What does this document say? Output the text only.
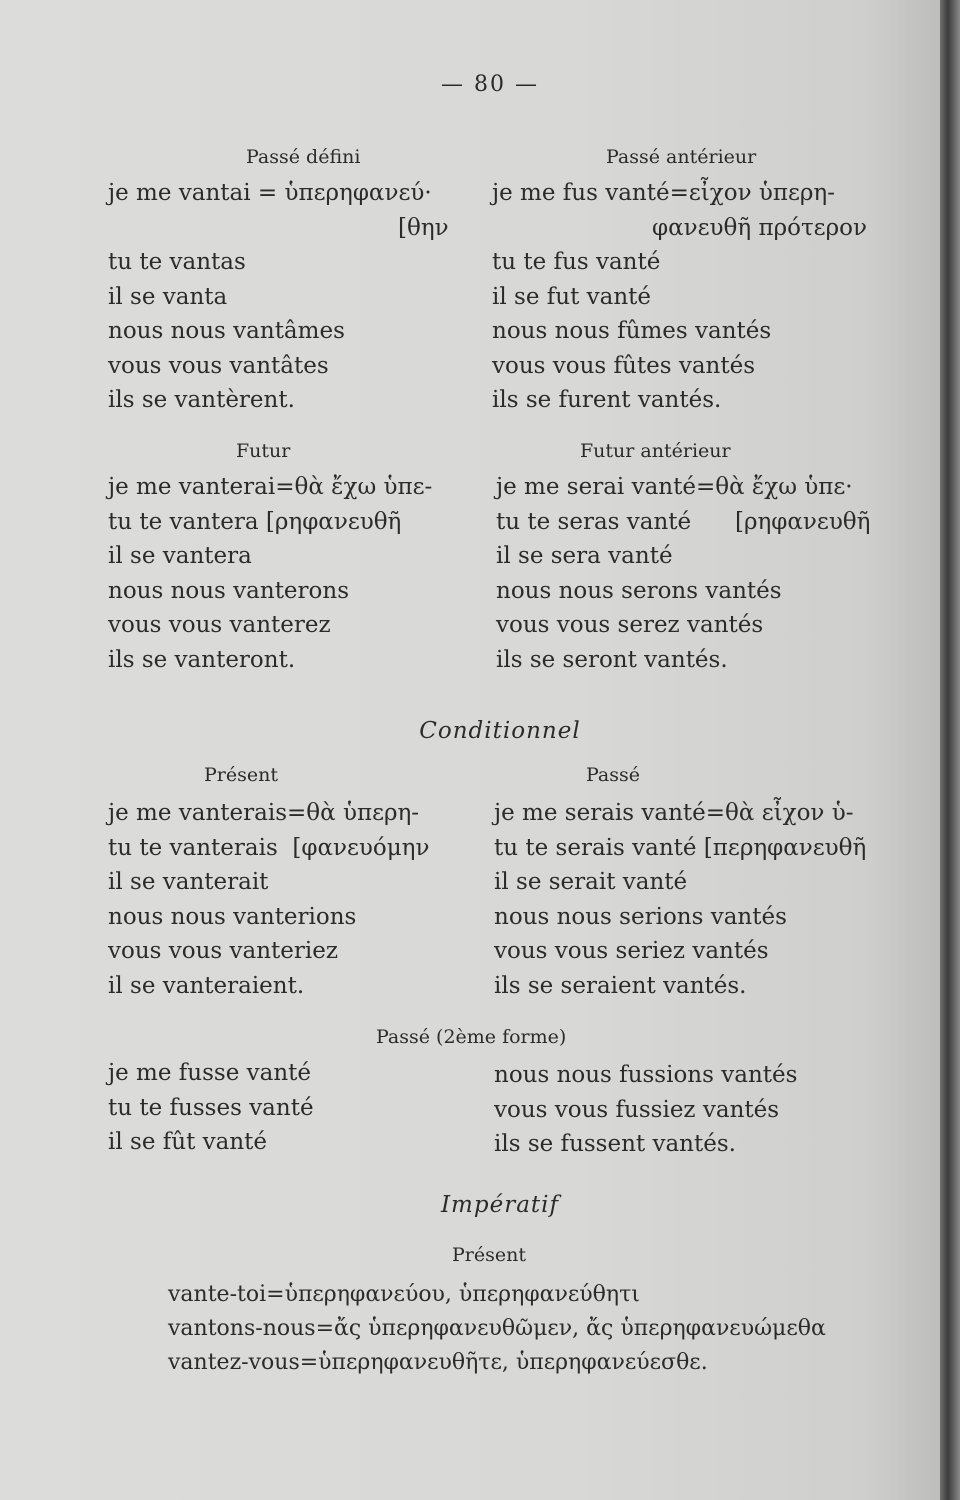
— 80 —
Passé défini
je me vantai = ὑπερηφανεύ·
[θην
tu te vantas
il se vanta
nous nous vantâmes
vous vous vantâtes
ils se vantèrent.
Passé antérieur
je me fus vanté=εἶχον ὑπερη-
φανευθῆ πρότερον
tu te fus vanté
il se fut vanté
nous nous fûmes vantés
vous vous fûtes vantés
ils se furent vantés.
Futur
je me vanterai=θὰ ἔχω ὑπε-
tu te vantera [ρηφανευθῆ
il se vantera
nous nous vanterons
vous vous vanterez
ils se vanteront.
Futur antérieur
je me serai vanté=θὰ ἔχω ὑπε·
tu te seras vanté      [ρηφανευθῆ
il se sera vanté
nous nous serons vantés
vous vous serez vantés
ils se seront vantés.
Conditionnel
Présent
je me vanterais=θὰ ὑπερη-
tu te vanterais  [φανευόμην
il se vanterait
nous nous vanterions
vous vous vanteriez
il se vanteraient.
Passé
je me serais vanté=θὰ εἶχον ὑ-
tu te serais vanté [περηφανευθῆ
il se serait vanté
nous nous serions vantés
vous vous seriez vantés
ils se seraient vantés.
Passé (2ème forme)
je me fusse vanté
tu te fusses vanté
il se fût vanté
nous nous fussions vantés
vous vous fussiez vantés
ils se fussent vantés.
Impératif
Présent
vante-toi=ὑπερηφανεύου, ὑπερηφανεύθητι
vantons-nous=ἄς ὑπερηφανευθῶμεν, ἄς ὑπερηφανευώμεθα
vantez-vous=ὑπερηφανευθῆτε, ὑπερηφανεύεσθε.
